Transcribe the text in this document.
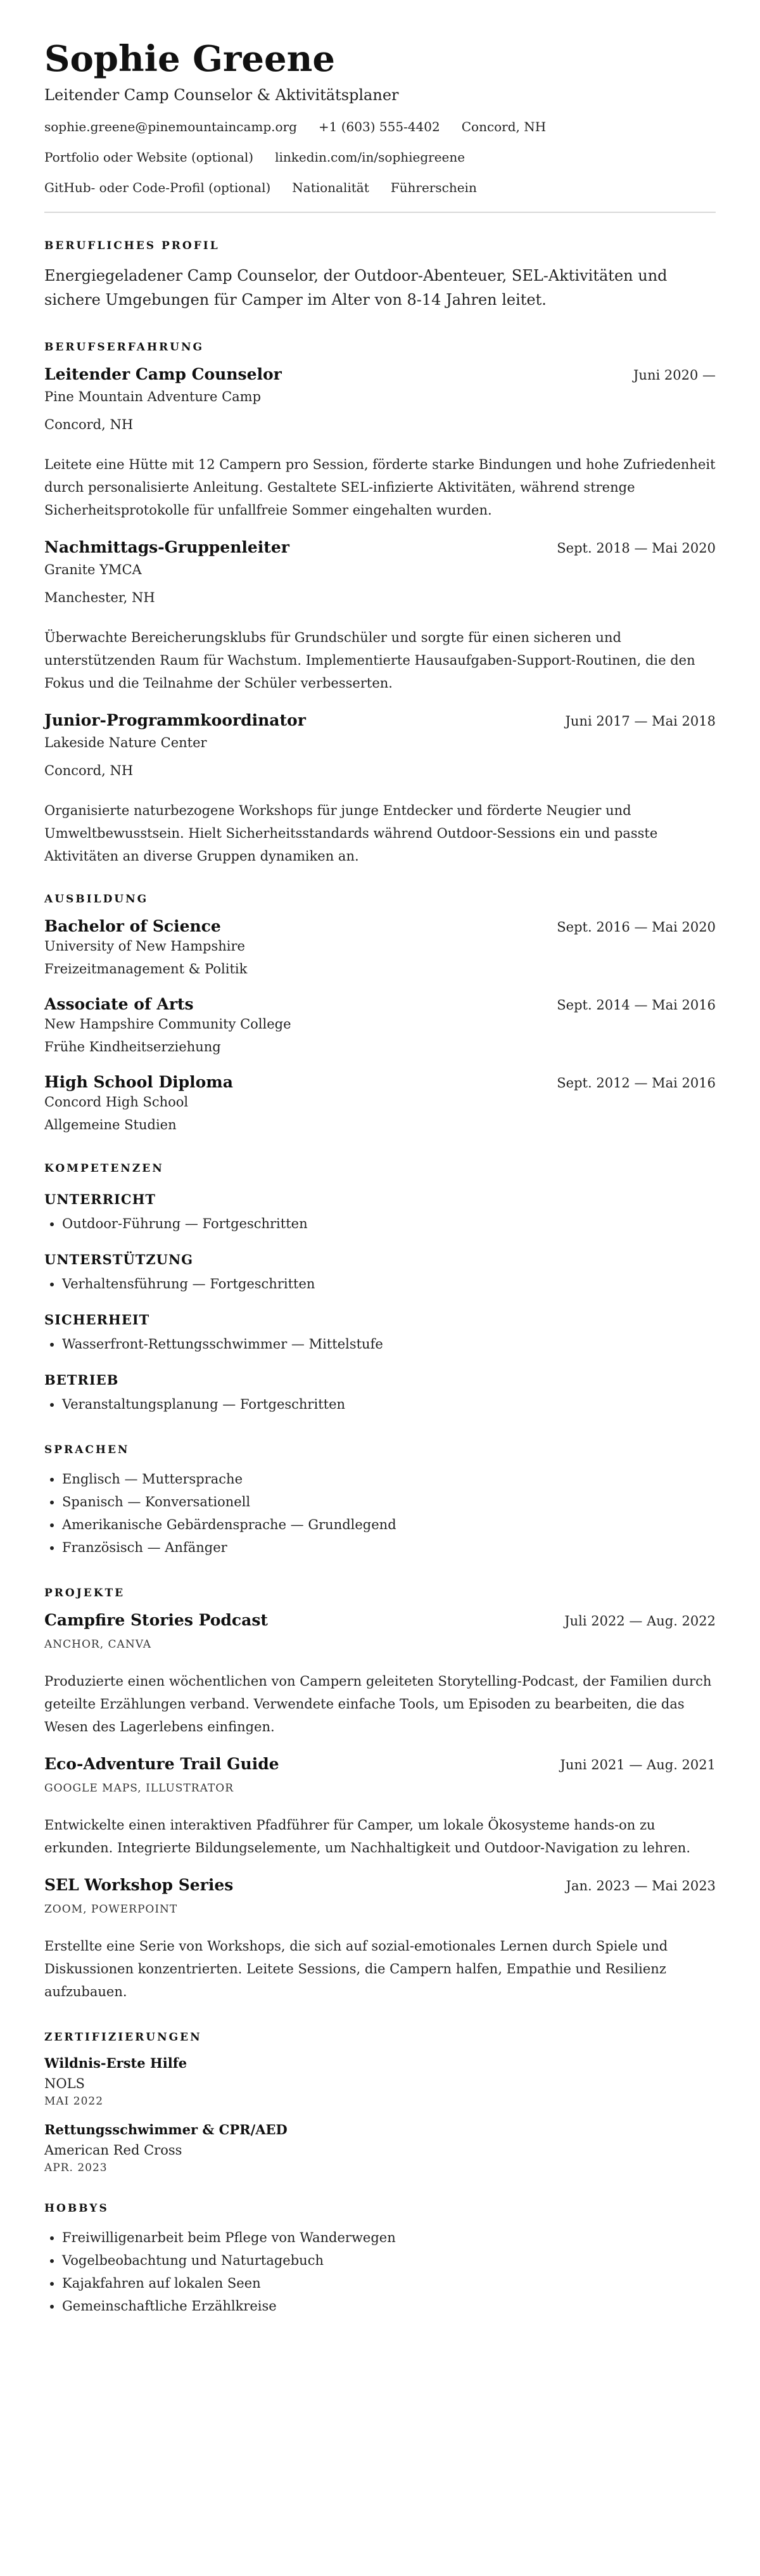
Sophie Greene
Leitender Camp Counselor & Aktivitätsplaner
sophie.greene@pinemountaincamp.org +1 (603) 555-4402 Concord, NH
Portfolio oder Website (optional) linkedin.com/in/sophiegreene
GitHub- oder Code-Profil (optional) Nationalität Führerschein
BERUFLICHES PROFIL

Energiegeladener Camp Counselor, der Outdoor-Abenteuer, SEL-Aktivitäten und sichere Umgebungen für Camper im Alter von 8-14 Jahren leitet.

BERUFSERFAHRUNG
Leitender Camp Counselor	Juni 2020 —
Pine Mountain Adventure Camp
Concord, NH
Leitete eine Hütte mit 12 Campern pro Session, förderte starke Bindungen und hohe Zufriedenheit durch personalisierte Anleitung. Gestaltete SEL-infizierte Aktivitäten, während strenge Sicherheitsprotokolle für unfallfreie Sommer eingehalten wurden.
Nachmittags-Gruppenleiter	Sept. 2018 — Mai 2020
Granite YMCA
Manchester, NH
Überwachte Bereicherungsklubs für Grundschüler und sorgte für einen sicheren und unterstützenden Raum für Wachstum. Implementierte Hausaufgaben-Support-Routinen, die den Fokus und die Teilnahme der Schüler verbesserten.
Junior-Programmkoordinator	Juni 2017 — Mai 2018
Lakeside Nature Center
Concord, NH
Organisierte naturbezogene Workshops für junge Entdecker und förderte Neugier und Umweltbewusstsein. Hielt Sicherheitsstandards während Outdoor-Sessions ein und passte Aktivitäten an diverse Gruppen dynamiken an.
AUSBILDUNG
Bachelor of Science	Sept. 2016 — Mai 2020
University of New Hampshire
Freizeitmanagement & Politik
Associate of Arts	Sept. 2014 — Mai 2016
New Hampshire Community College
Frühe Kindheitserziehung
High School Diploma	Sept. 2012 — Mai 2016
Concord High School
Allgemeine Studien
KOMPETENZEN
UNTERRICHT
• Outdoor-Führung — Fortgeschritten
UNTERSTÜTZUNG
• Verhaltensführung — Fortgeschritten
SICHERHEIT
• Wasserfront-Rettungsschwimmer — Mittelstufe
BETRIEB
• Veranstaltungsplanung — Fortgeschritten
SPRACHEN
• Englisch — Muttersprache
• Spanisch — Konversationell
• Amerikanische Gebärdensprache — Grundlegend
• Französisch — Anfänger
PROJEKTE
Campfire Stories Podcast	Juli 2022 — Aug. 2022
ANCHOR, CANVA
Produzierte einen wöchentlichen von Campern geleiteten Storytelling-Podcast, der Familien durch geteilte Erzählungen verband. Verwendete einfache Tools, um Episoden zu bearbeiten, die das Wesen des Lagerlebens einfingen.
Eco-Adventure Trail Guide	Juni 2021 — Aug. 2021
GOOGLE MAPS, ILLUSTRATOR
Entwickelte einen interaktiven Pfadführer für Camper, um lokale Ökosysteme hands-on zu erkunden. Integrierte Bildungselemente, um Nachhaltigkeit und Outdoor-Navigation zu lehren.
SEL Workshop Series	Jan. 2023 — Mai 2023
ZOOM, POWERPOINT
Erstellte eine Serie von Workshops, die sich auf sozial-emotionales Lernen durch Spiele und Diskussionen konzentrierten. Leitete Sessions, die Campern halfen, Empathie und Resilienz aufzubauen.
ZERTIFIZIERUNGEN
Wildnis-Erste Hilfe
NOLS
MAI 2022
Rettungsschwimmer & CPR/AED
American Red Cross
APR. 2023
HOBBYS
• Freiwilligenarbeit beim Pflege von Wanderwegen
• Vogelbeobachtung und Naturtagebuch
• Kajakfahren auf lokalen Seen
• Gemeinschaftliche Erzählkreise
